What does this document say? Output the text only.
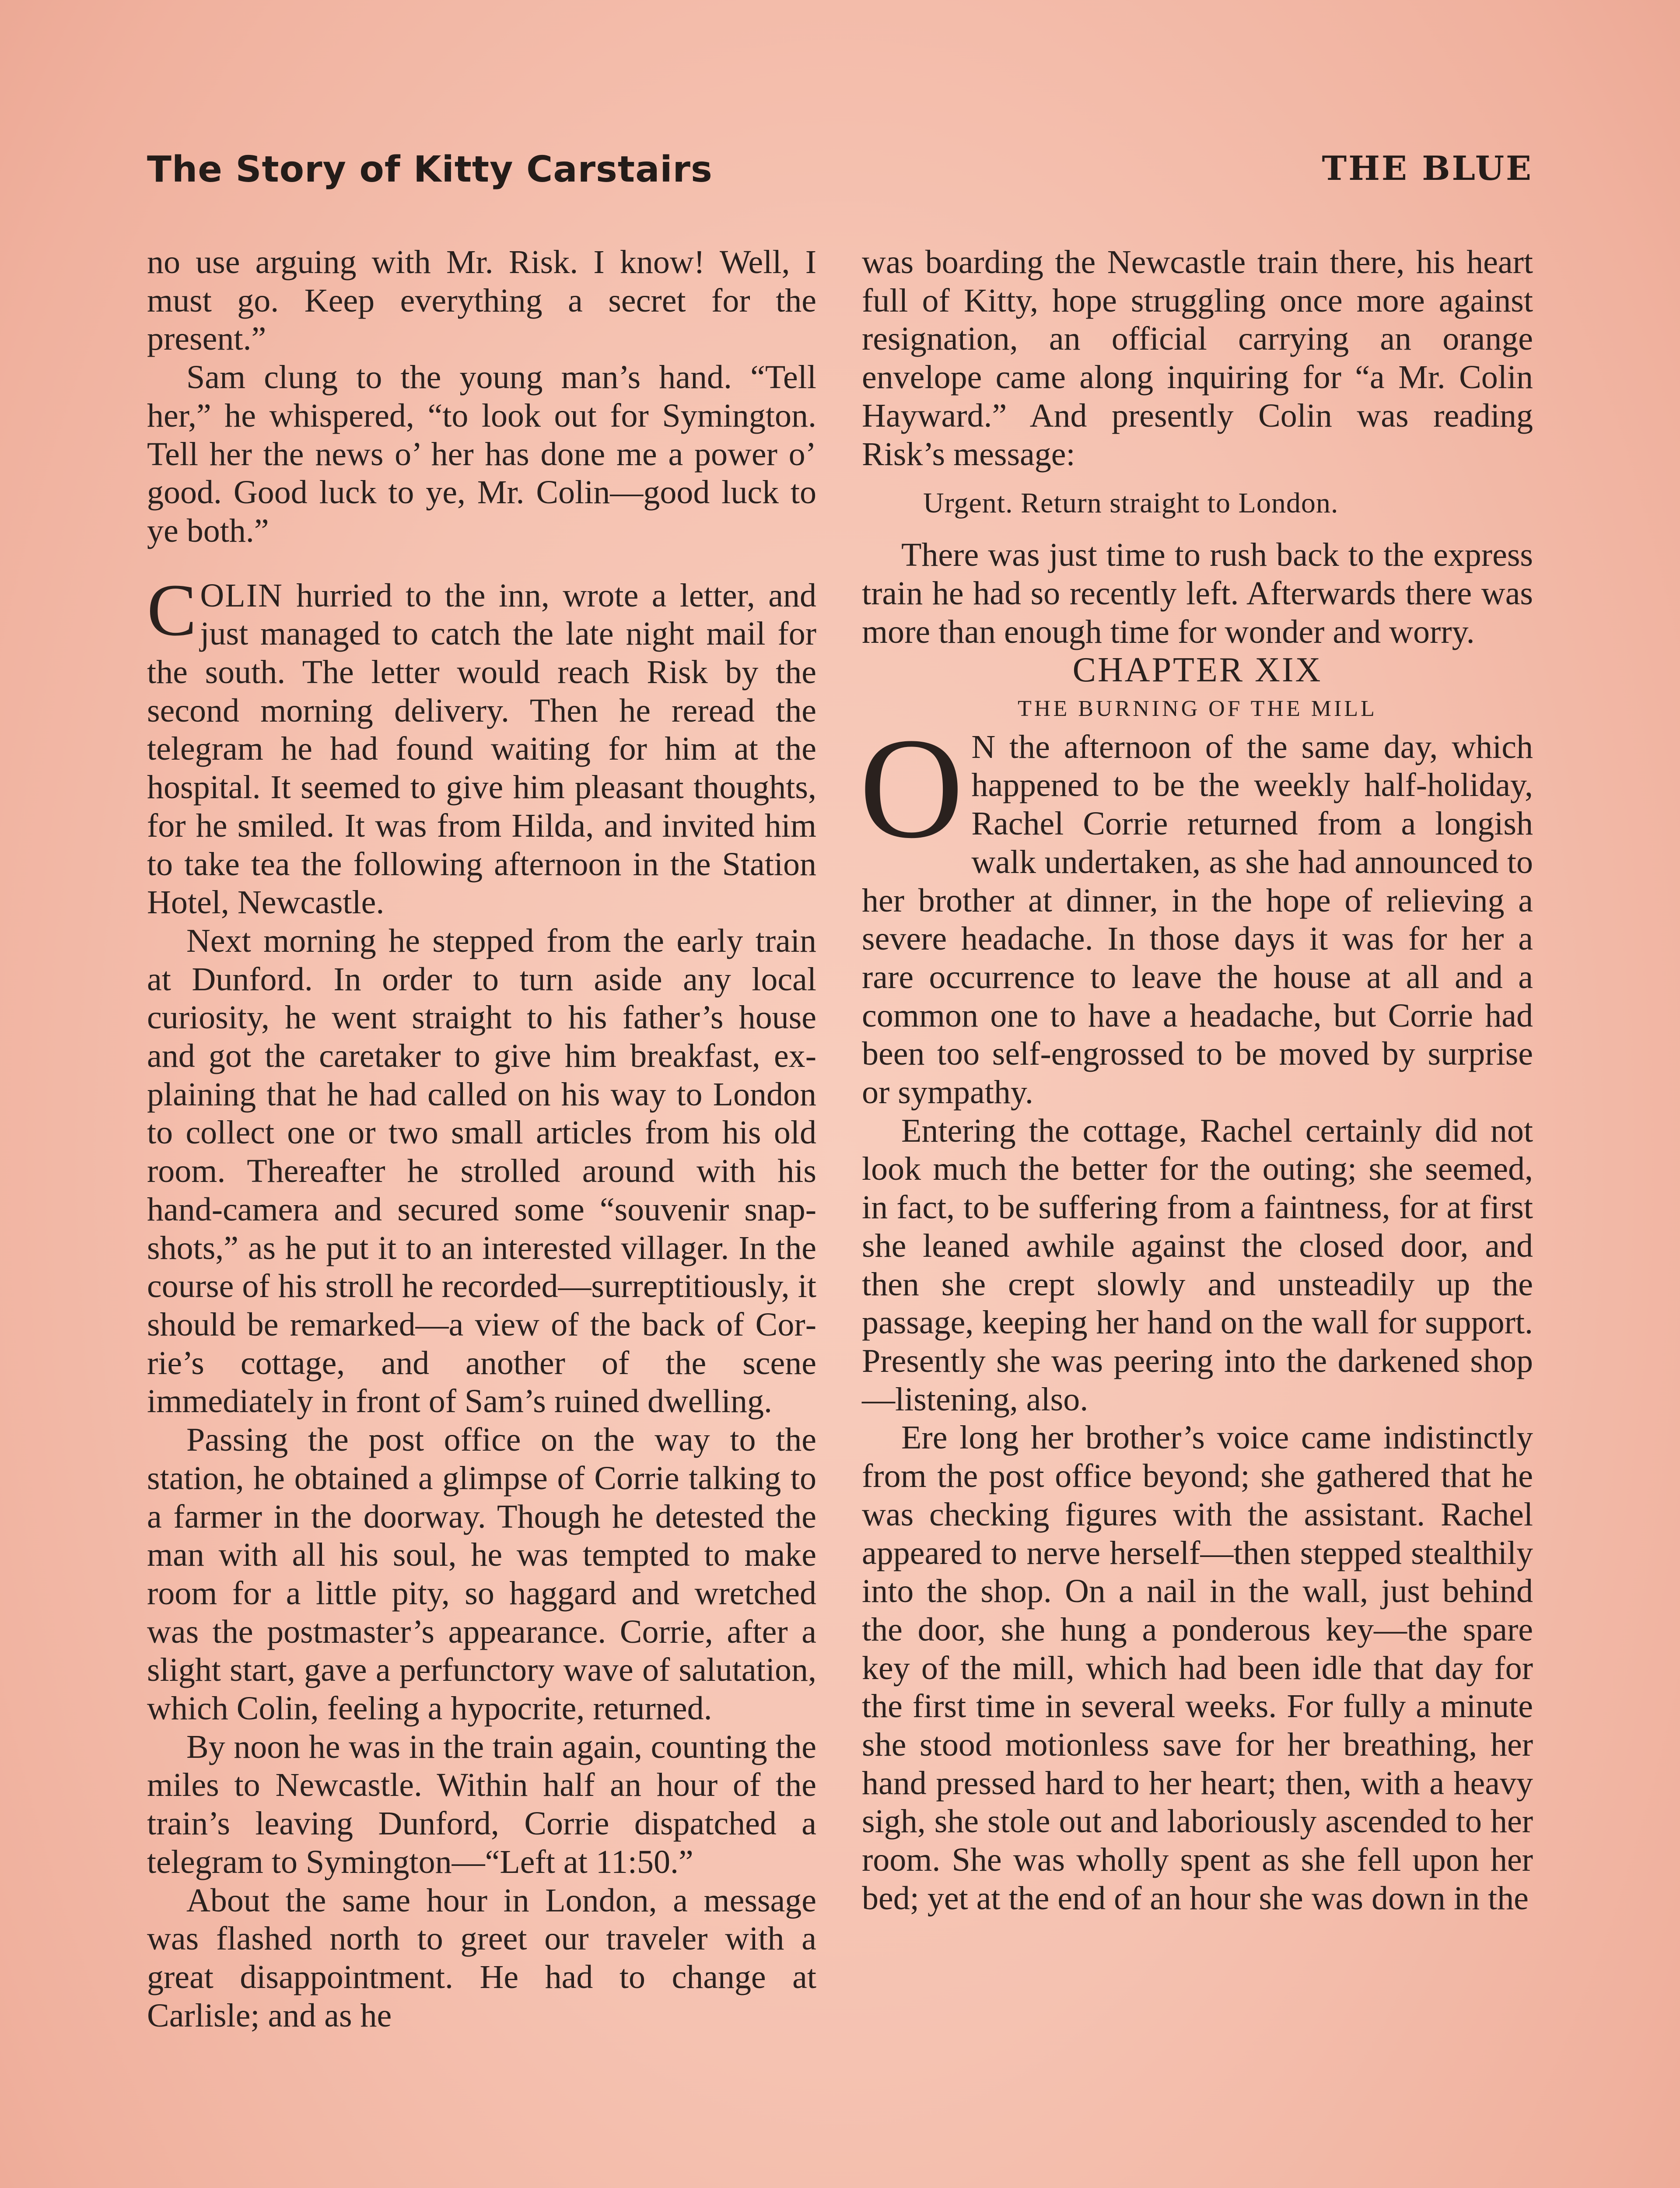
The Story of Kitty Carstairs	THE BLUE

no use arguing with Mr. Risk. I know! Well, I must go. Keep everything a secret for the present.”

Sam clung to the young man’s hand. “Tell her,” he whispered, “to look out for Symington. Tell her the news o’ her has done me a power o’ good. Good luck to ye, Mr. Colin—good luck to ye both.”

COLIN hurried to the inn, wrote a letter, and just managed to catch the late night mail for the south. The letter would reach Risk by the second morning delivery. Then he reread the telegram he had found waiting for him at the hospital. It seemed to give him pleasant thoughts, for he smiled. It was from Hilda, and invited him to take tea the following afternoon in the Station Hotel, Newcastle.

Next morning he stepped from the early train at Dunford. In order to turn aside any local curiosity, he went straight to his father’s house and got the caretaker to give him breakfast, explaining that he had called on his way to London to collect one or two small articles from his old room. Thereafter he strolled around with his hand-camera and secured some “souvenir snapshots,” as he put it to an interested villager. In the course of his stroll he recorded—surreptitiously, it should be remarked—a view of the back of Corrie’s cottage, and another of the scene immediately in front of Sam’s ruined dwelling.

Passing the post office on the way to the station, he obtained a glimpse of Corrie talking to a farmer in the doorway. Though he detested the man with all his soul, he was tempted to make room for a little pity, so haggard and wretched was the postmaster’s appearance. Corrie, after a slight start, gave a perfunctory wave of salutation, which Colin, feeling a hypocrite, returned.

By noon he was in the train again, counting the miles to Newcastle. Within half an hour of the train’s leaving Dunford, Corrie dispatched a telegram to Symington—“Left at 11:50.”

About the same hour in London, a message was flashed north to greet our traveler with a great disappointment. He had to change at Carlisle; and as he

was boarding the Newcastle train there, his heart full of Kitty, hope struggling once more against resignation, an official carrying an orange envelope came along inquiring for “a Mr. Colin Hayward.” And presently Colin was reading Risk’s message:

Urgent. Return straight to London.

There was just time to rush back to the express train he had so recently left. Afterwards there was more than enough time for wonder and worry.

CHAPTER XIX

THE BURNING OF THE MILL

O N the afternoon of the same day, which happened to be the weekly half-holiday, Rachel Corrie returned from a longish walk undertaken, as she had announced to her brother at dinner, in the hope of relieving a severe headache. In those days it was for her a rare occurrence to leave the house at all and a common one to have a headache, but Corrie had been too self-engrossed to be moved by surprise or sympathy.

Entering the cottage, Rachel certainly did not look much the better for the outing; she seemed, in fact, to be suffering from a faintness, for at first she leaned awhile against the closed door, and then she crept slowly and unsteadily up the passage, keeping her hand on the wall for support. Presently she was peering into the darkened shop—listening, also.

Ere long her brother’s voice came indistinctly from the post office beyond; she gathered that he was checking figures with the assistant. Rachel appeared to nerve herself—then stepped stealthily into the shop. On a nail in the wall, just behind the door, she hung a ponderous key—the spare key of the mill, which had been idle that day for the first time in several weeks. For fully a minute she stood motionless save for her breathing, her hand pressed hard to her heart; then, with a heavy sigh, she stole out and laboriously ascended to her room. She was wholly spent as she fell upon her bed; yet at the end of an hour she was down in the
